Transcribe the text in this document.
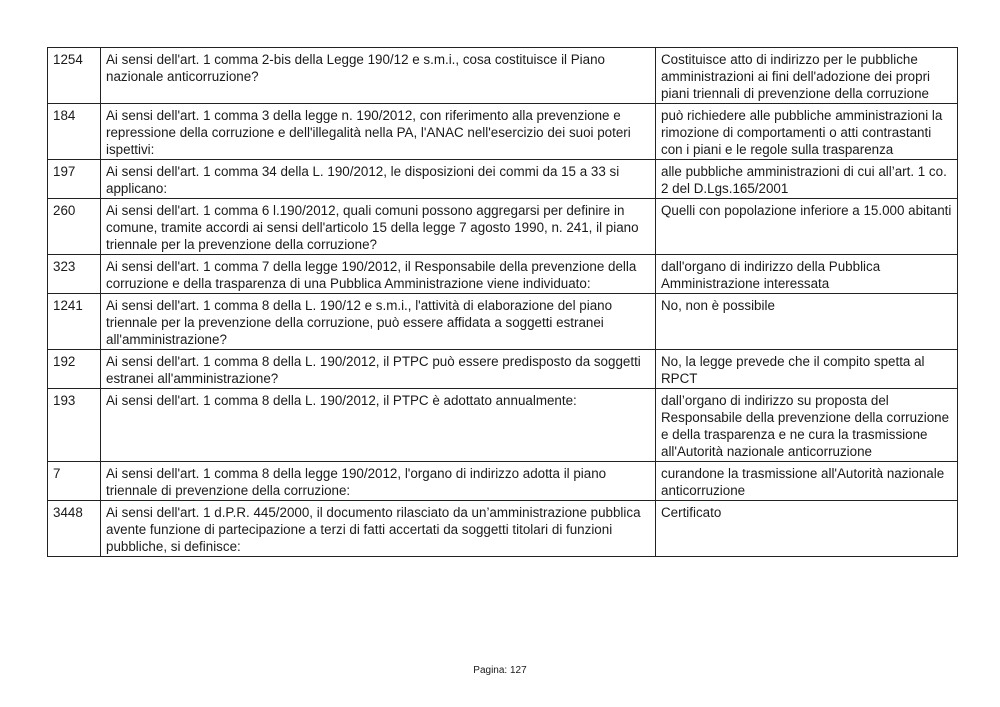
1254	Ai sensi dell'art. 1 comma 2-bis della Legge 190/12 e s.m.i., cosa costituisce il Piano nazionale anticorruzione?	Costituisce atto di indirizzo per le pubbliche amministrazioni ai fini dell'adozione dei propri piani triennali di prevenzione della corruzione
184	Ai sensi dell'art. 1 comma 3 della legge n. 190/2012, con riferimento alla prevenzione e repressione della corruzione e dell'illegalità nella PA, l'ANAC nell'esercizio dei suoi poteri ispettivi:	può richiedere alle pubbliche amministrazioni la rimozione di comportamenti o atti contrastanti con i piani e le regole sulla trasparenza
197	Ai sensi dell'art. 1 comma 34 della L. 190/2012, le disposizioni dei commi da 15 a 33 si applicano:	alle pubbliche amministrazioni di cui all’art. 1 co. 2 del D.Lgs.165/2001
260	Ai sensi dell'art. 1 comma 6 l.190/2012, quali comuni possono aggregarsi per definire in comune, tramite accordi ai sensi dell'articolo 15 della legge 7 agosto 1990, n. 241, il piano triennale per la prevenzione della corruzione?	Quelli con popolazione inferiore a 15.000 abitanti
323	Ai sensi dell'art. 1 comma 7 della legge 190/2012, il Responsabile della prevenzione della corruzione e della trasparenza di una Pubblica Amministrazione viene individuato:	dall'organo di indirizzo della Pubblica Amministrazione interessata
1241	Ai sensi dell'art. 1 comma 8 della L. 190/12 e s.m.i., l'attività di elaborazione del piano triennale per la prevenzione della corruzione, può essere affidata a soggetti estranei all'amministrazione?	No, non è possibile
192	Ai sensi dell'art. 1 comma 8 della L. 190/2012, il PTPC può essere predisposto da soggetti estranei all'amministrazione?	No, la legge prevede che il compito spetta al RPCT
193	Ai sensi dell'art. 1 comma 8 della L. 190/2012, il PTPC è adottato annualmente:	dall’organo di indirizzo su proposta del Responsabile della prevenzione della corruzione e della trasparenza e ne cura la trasmissione all'Autorità nazionale anticorruzione
7	Ai sensi dell'art. 1 comma 8 della legge 190/2012, l'organo di indirizzo adotta il piano triennale di prevenzione della corruzione:	curandone la trasmissione all'Autorità nazionale anticorruzione
3448	Ai sensi dell'art. 1 d.P.R. 445/2000, il documento rilasciato da un’amministrazione pubblica avente funzione di partecipazione a terzi di fatti accertati da soggetti titolari di funzioni pubbliche, si definisce:	Certificato
Pagina: 127
